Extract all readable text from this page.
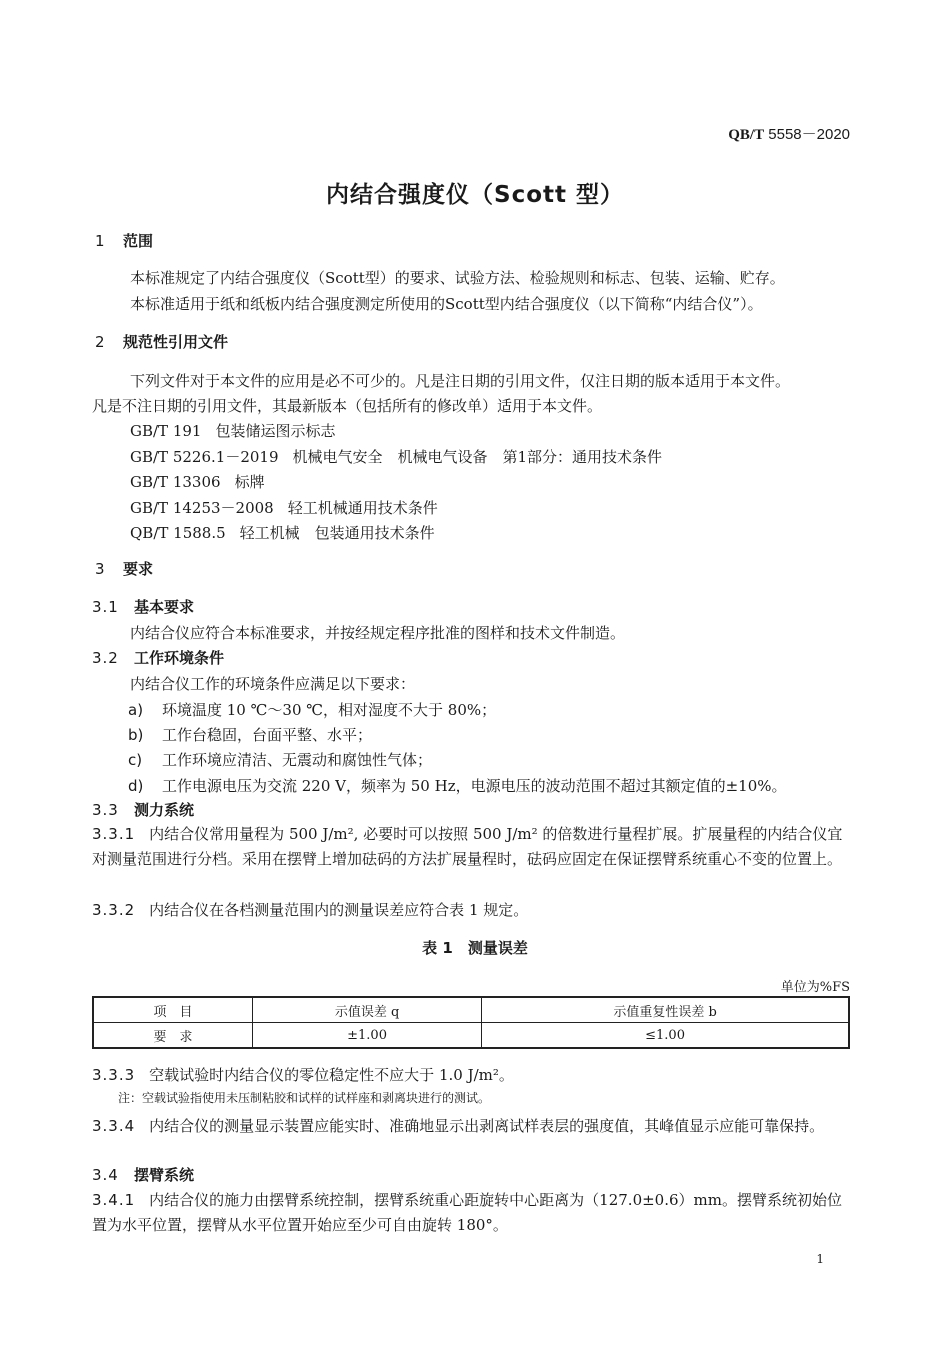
QB/T 5558－2020
内结合强度仪（Scott 型）
1 范围
本标准规定了内结合强度仪（Scott型）的要求、试验方法、检验规则和标志、包装、运输、贮存。
本标准适用于纸和纸板内结合强度测定所使用的Scott型内结合强度仪（以下简称“内结合仪”）。
2 规范性引用文件
下列文件对于本文件的应用是必不可少的。凡是注日期的引用文件，仅注日期的版本适用于本文件。
凡是不注日期的引用文件，其最新版本（包括所有的修改单）适用于本文件。
GB/T 191 包装储运图示标志
GB/T 5226.1－2019 机械电气安全　机械电气设备　第1部分：通用技术条件
GB/T 13306 标牌
GB/T 14253－2008 轻工机械通用技术条件
QB/T 1588.5 轻工机械　包装通用技术条件
3 要求
3.1 基本要求
内结合仪应符合本标准要求，并按经规定程序批准的图样和技术文件制造。
3.2 工作环境条件
内结合仪工作的环境条件应满足以下要求：
a) 环境温度 10 ℃～30 ℃，相对湿度不大于 80%；
b) 工作台稳固，台面平整、水平；
c) 工作环境应清洁、无震动和腐蚀性气体；
d) 工作电源电压为交流 220 V，频率为 50 Hz，电源电压的波动范围不超过其额定值的±10%。
3.3 测力系统
3.3.1 内结合仪常用量程为 500 J/m², 必要时可以按照 500 J/m² 的倍数进行量程扩展。扩展量程的内结合仪宜对测量范围进行分档。采用在摆臂上增加砝码的方法扩展量程时，砝码应固定在保证摆臂系统重心不变的位置上。
3.3.2 内结合仪在各档测量范围内的测量误差应符合表 1 规定。
表 1　测量误差
单位为%FS
项　目	示值误差 q	示值重复性误差 b
要　求	±1.00	≤1.00
3.3.3 空载试验时内结合仪的零位稳定性不应大于 1.0 J/m²。
注：空载试验指使用未压制粘胶和试样的试样座和剥离块进行的测试。
3.3.4 内结合仪的测量显示装置应能实时、准确地显示出剥离试样表层的强度值，其峰值显示应能可靠保持。
3.4 摆臂系统
3.4.1 内结合仪的施力由摆臂系统控制，摆臂系统重心距旋转中心距离为（127.0±0.6）mm。摆臂系统初始位置为水平位置，摆臂从水平位置开始应至少可自由旋转 180°。
1
